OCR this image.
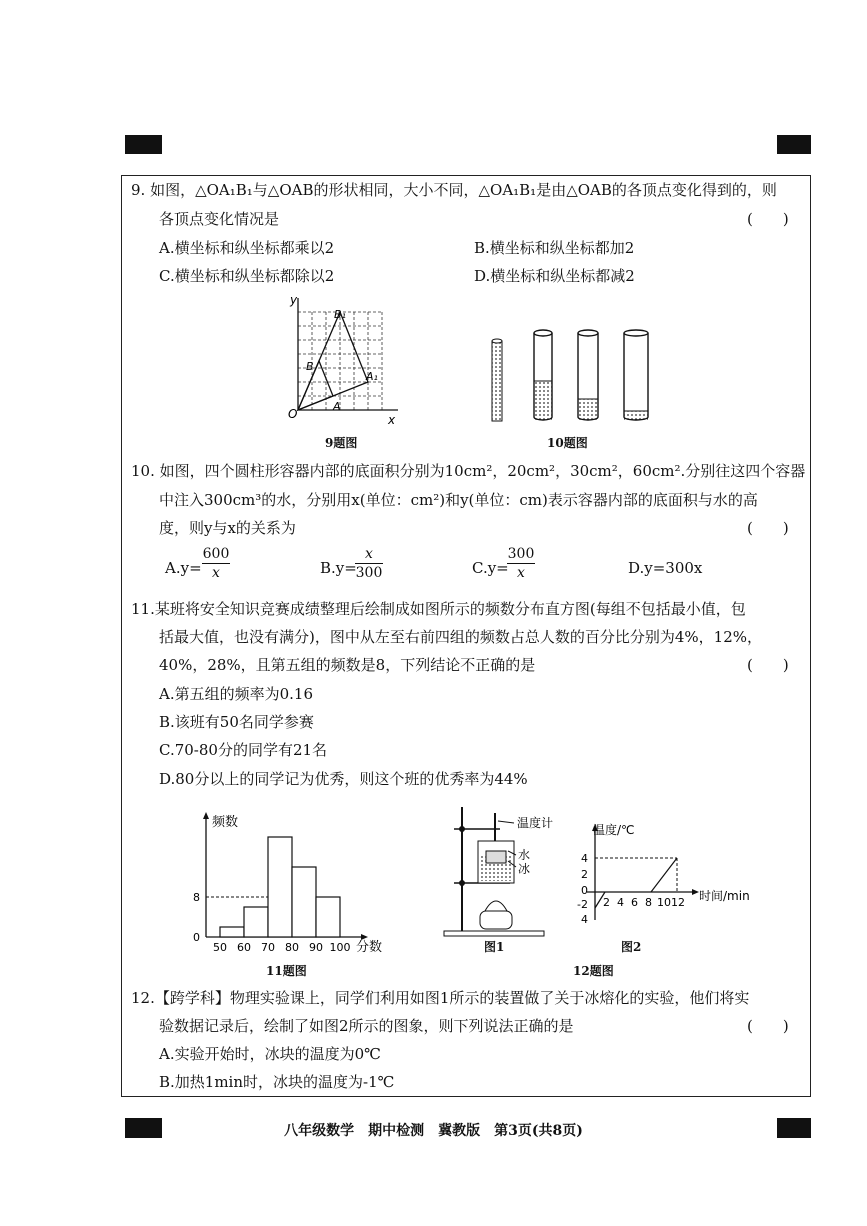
9. 如图，△OA₁B₁与△OAB的形状相同，大小不同，△OA₁B₁是由△OAB的各顶点变化得到的，则
各顶点变化情况是	(　　)
A.横坐标和纵坐标都乘以2	B.横坐标和纵坐标都加2
C.横坐标和纵坐标都除以2	D.横坐标和纵坐标都减2
y
x
O
B₁
B
A₁
A
9题图	10题图
10. 如图，四个圆柱形容器内部的底面积分别为10cm²，20cm²，30cm²，60cm².分别往这四个容器
中注入300cm³的水，分别用x(单位：cm²)和y(单位：cm)表示容器内部的底面积与水的高
度，则y与x的关系为	(　　)
A.y=
600
x	B.y=
x
300	C.y=
300
x	D.y=300x
11.某班将安全知识竞赛成绩整理后绘制成如图所示的频数分布直方图(每组不包括最小值，包
括最大值，也没有满分)，图中从左至右前四组的频数占总人数的百分比分别为4%，12%，
40%，28%，且第五组的频数是8，下列结论不正确的是	(　　)
A.第五组的频率为0.16
B.该班有50名同学参赛
C.70-80分的同学有21名
D.80分以上的同学记为优秀，则这个班的优秀率为44%
50 60 70 80 90 100
0
8
频数
分数
11题图
温度计
水
冰
图1
温度/℃
时间/min
4
2
0
-2
4
2 4 6 8 10 12
图2
12题图
12.【跨学科】物理实验课上，同学们利用如图1所示的装置做了关于冰熔化的实验，他们将实
验数据记录后，绘制了如图2所示的图象，则下列说法正确的是	(　　)
A.实验开始时，冰块的温度为0℃
B.加热1min时，冰块的温度为-1℃
八年级数学　期中检测　冀教版　第3页(共8页)
